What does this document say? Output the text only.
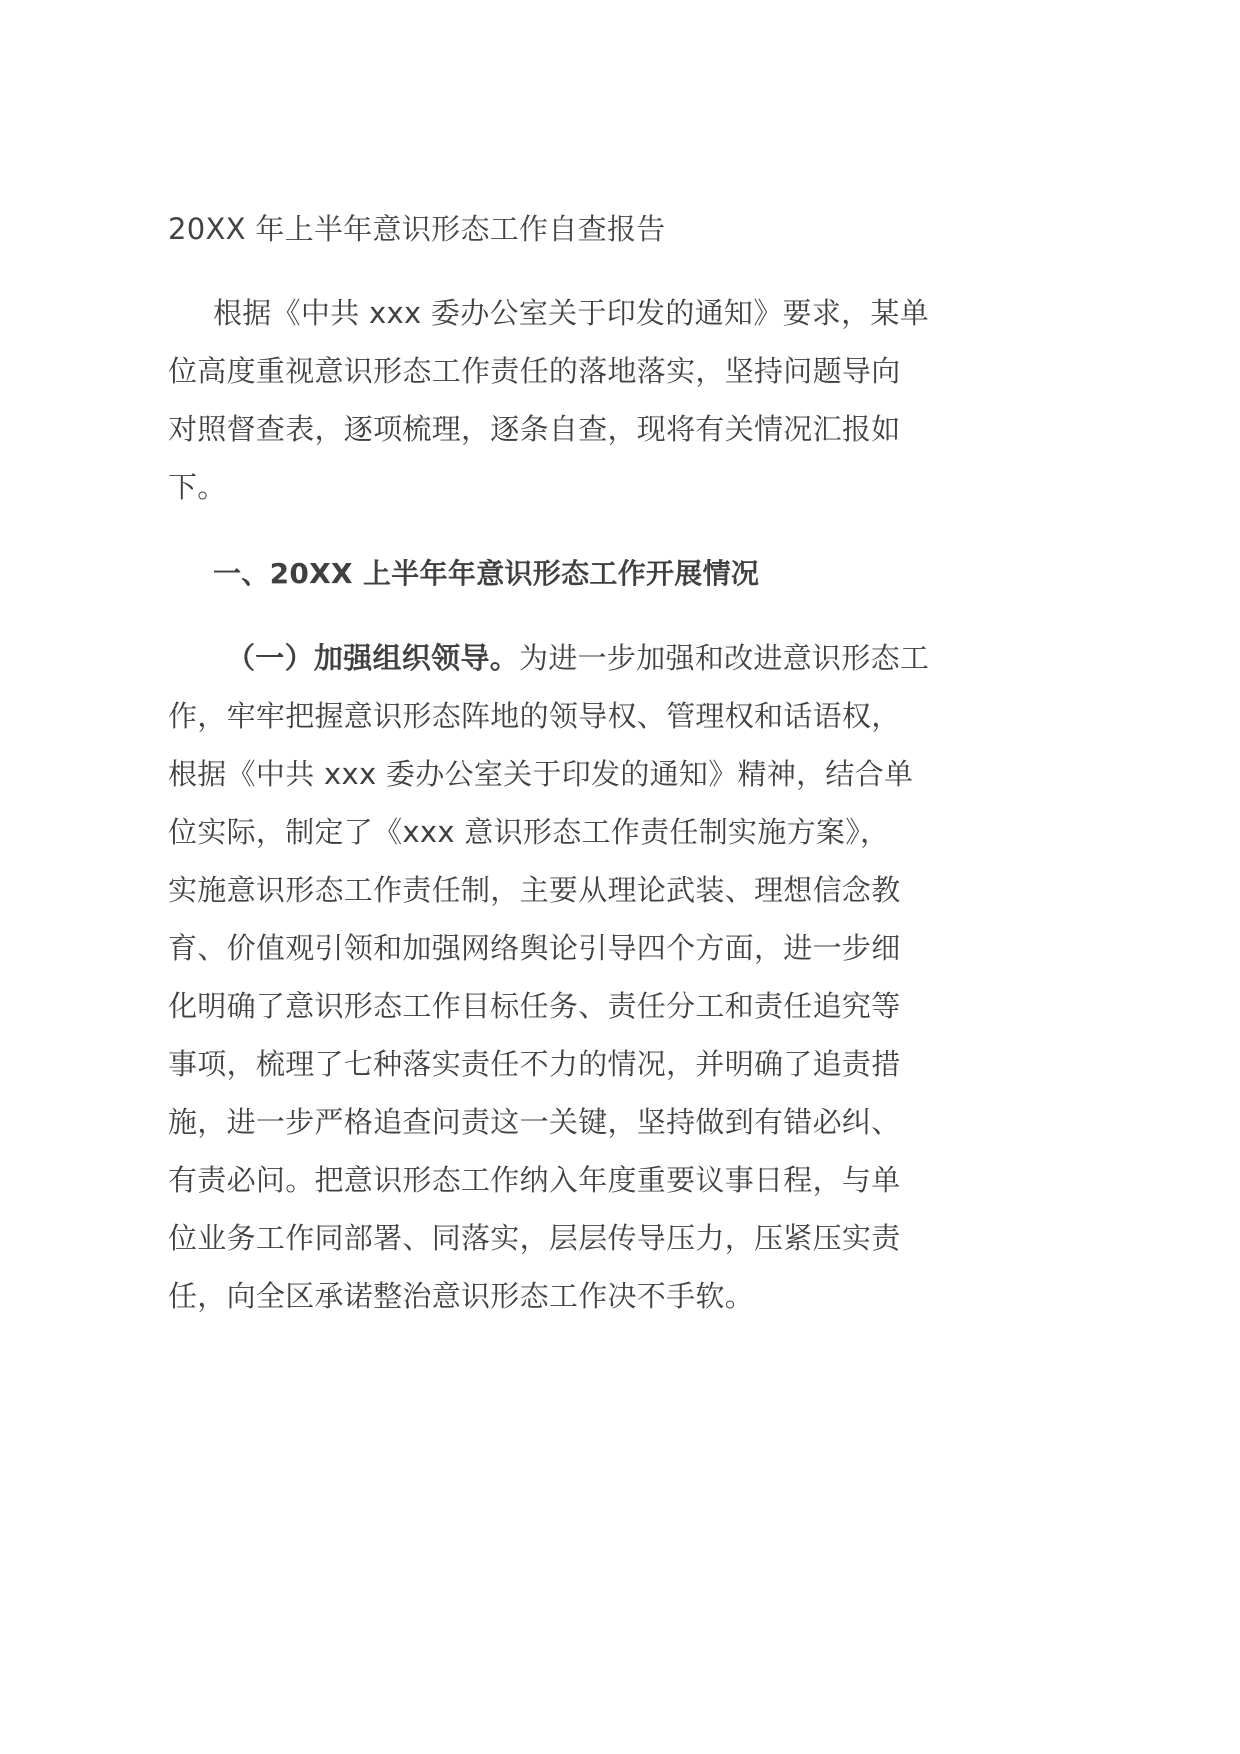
20XX 年上半年意识形态工作自查报告
根据《中共 xxx 委办公室关于印发的通知》要求，某单
位高度重视意识形态工作责任的落地落实，坚持问题导向
对照督查表，逐项梳理，逐条自查，现将有关情况汇报如
下。
一、20XX 上半年年意识形态工作开展情况
（一）加强组织领导。为进一步加强和改进意识形态工
作，牢牢把握意识形态阵地的领导权、管理权和话语权，
根据《中共 xxx 委办公室关于印发的通知》精神，结合单
位实际，制定了《xxx 意识形态工作责任制实施方案》，
实施意识形态工作责任制，主要从理论武装、理想信念教
育、价值观引领和加强网络舆论引导四个方面，进一步细
化明确了意识形态工作目标任务、责任分工和责任追究等
事项，梳理了七种落实责任不力的情况，并明确了追责措
施，进一步严格追查问责这一关键，坚持做到有错必纠、
有责必问。把意识形态工作纳入年度重要议事日程，与单
位业务工作同部署、同落实，层层传导压力，压紧压实责
任，向全区承诺整治意识形态工作决不手软。
